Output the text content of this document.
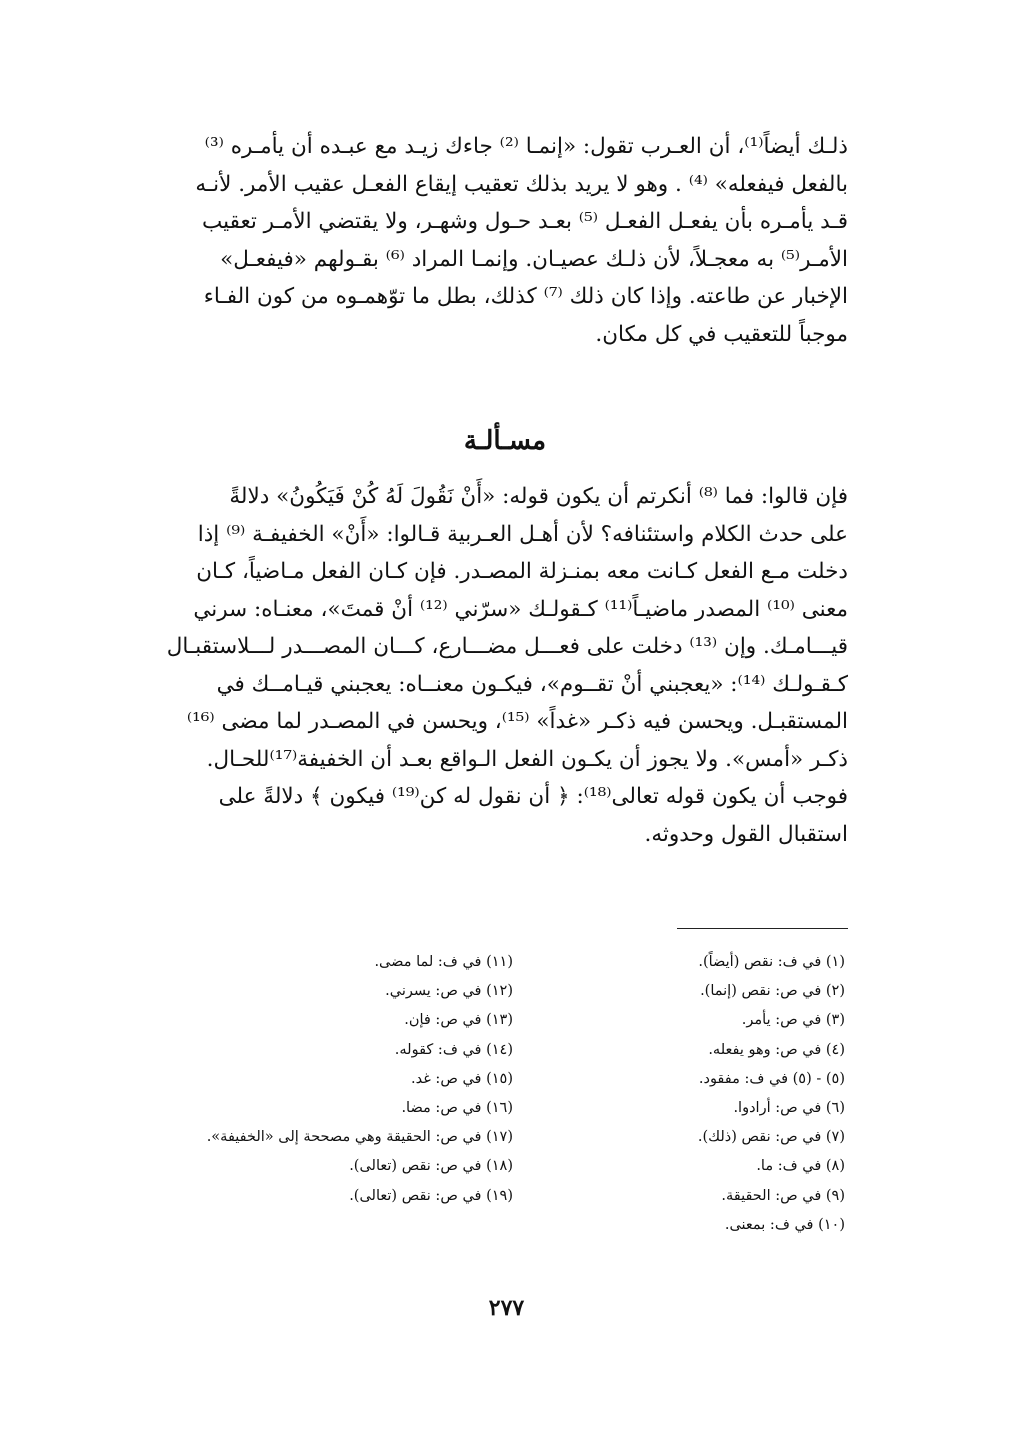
ذلـك أيضاً⁽¹⁾، أن العـرب تقول: «إنمـا ⁽²⁾ جاءك زيـد مع عبـده أن يأمـره ⁽³⁾
بالفعل فيفعله» ⁽⁴⁾ . وهو لا يريد بذلك تعقيب إيقاع الفعـل عقيب الأمر. لأنـه
قـد يأمـره بأن يفعـل الفعـل ⁽⁵⁾ بعـد حـول وشهـر، ولا يقتضي الأمـر تعقيب
الأمـر⁽⁵⁾ به معجـلاً، لأن ذلـك عصيـان. وإنمـا المراد ⁽⁶⁾ بقـولهم «فيفعـل»
الإخبار عن طاعته. وإذا كان ذلك ⁽⁷⁾ كذلك، بطل ما توّهمـوه من كون الفـاء
موجباً للتعقيب في كل مكان.

مسـألـة

فإن قالوا: فما ⁽⁸⁾ أنكرتم أن يكون قوله: «أَنْ نَقُولَ لَهُ كُنْ فَيَكُونُ» دلالةً
على حدث الكلام واستئنافه؟ لأن أهـل العـربية قـالوا: «أَنْ» الخفيفـة ⁽⁹⁾ إذا
دخلت مـع الفعل كـانت معه بمنـزلة المصـدر. فإن كـان الفعل مـاضياً، كـان
معنى ⁽¹⁰⁾ المصدر ماضيـاً⁽¹¹⁾ كـقولـك «سرّني ⁽¹²⁾ أنْ قمتَ»، معنـاه: سرني
قيـــامـك. وإن ⁽¹³⁾ دخلت على فعـــل مضـــارع، كـــان المصـــدر لـــلاستقبـال
كـقـولـك ⁽¹⁴⁾: «يعجبني أنْ تقــوم»، فيكـون معنــاه: يعجبني قيـامــك في
المستقبـل. ويحسن فيه ذكـر «غداً» ⁽¹⁵⁾، ويحسن في المصـدر لما مضى ⁽¹⁶⁾
ذكـر «أمس». ولا يجوز أن يكـون الفعل الـواقع بعـد أن الخفيفة⁽¹⁷⁾للحـال.
فوجب أن يكون قوله تعالى⁽¹⁸⁾: ﴿ أن نقول له كن⁽¹⁹⁾ فيكون ﴾ دلالةً على
استقبال القول وحدوثه.

(١) في ف: نقص (أيضاً).
(٢) في ص: نقص (إنما).
(٣) في ص: يأمر.
(٤) في ص: وهو يفعله.
(٥) - (٥) في ف: مفقود.
(٦) في ص: أرادوا.
(٧) في ص: نقص (ذلك).
(٨) في ف: ما.
(٩) في ص: الحقيقة.
(١٠) في ف: بمعنى.
(١١) في ف: لما مضى.
(١٢) في ص: يسرني.
(١٣) في ص: فإن.
(١٤) في ف: كقوله.
(١٥) في ص: غد.
(١٦) في ص: مضا.
(١٧) في ص: الحقيقة وهي مصححة إلى «الخفيفة».
(١٨) في ص: نقص (تعالى).
(١٩) في ص: نقص (تعالى).

٢٧٧
